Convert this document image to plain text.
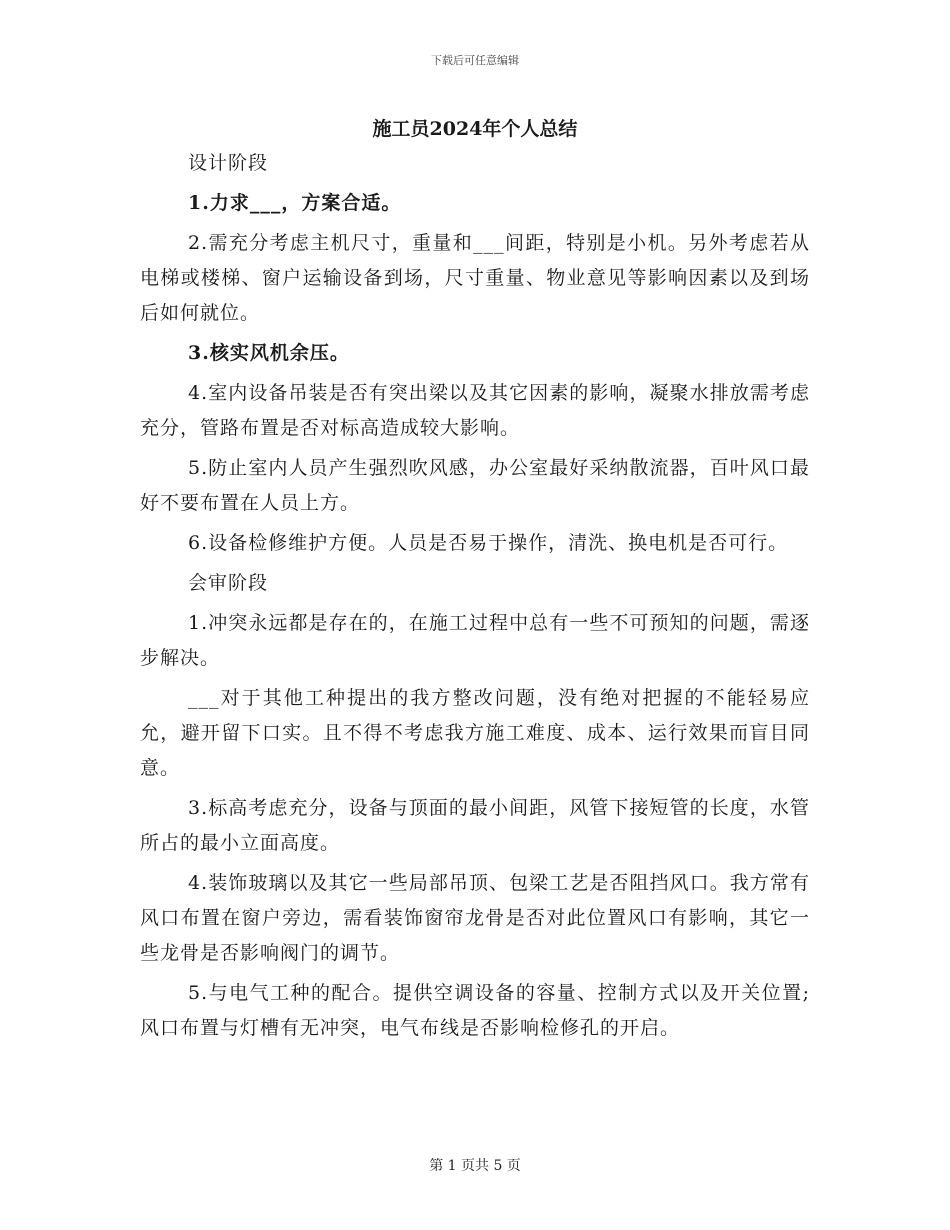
下载后可任意编辑
施工员2024年个人总结

设计阶段

1.力求___，方案合适。

2.需充分考虑主机尺寸，重量和___间距，特别是小机。另外考虑若从电梯或楼梯、窗户运输设备到场，尺寸重量、物业意见等影响因素以及到场后如何就位。

3.核实风机余压。

4.室内设备吊装是否有突出梁以及其它因素的影响，凝聚水排放需考虑充分，管路布置是否对标高造成较大影响。

5.防止室内人员产生强烈吹风感，办公室最好采纳散流器，百叶风口最好不要布置在人员上方。

6.设备检修维护方便。人员是否易于操作，清洗、换电机是否可行。

会审阶段

1.冲突永远都是存在的，在施工过程中总有一些不可预知的问题，需逐步解决。

___对于其他工种提出的我方整改问题，没有绝对把握的不能轻易应允，避开留下口实。且不得不考虑我方施工难度、成本、运行效果而盲目同意。

3.标高考虑充分，设备与顶面的最小间距，风管下接短管的长度，水管所占的最小立面高度。

4.装饰玻璃以及其它一些局部吊顶、包梁工艺是否阻挡风口。我方常有风口布置在窗户旁边，需看装饰窗帘龙骨是否对此位置风口有影响，其它一些龙骨是否影响阀门的调节。

5.与电气工种的配合。提供空调设备的容量、控制方式以及开关位置;风口布置与灯槽有无冲突，电气布线是否影响检修孔的开启。

第 1 页共 5 页
